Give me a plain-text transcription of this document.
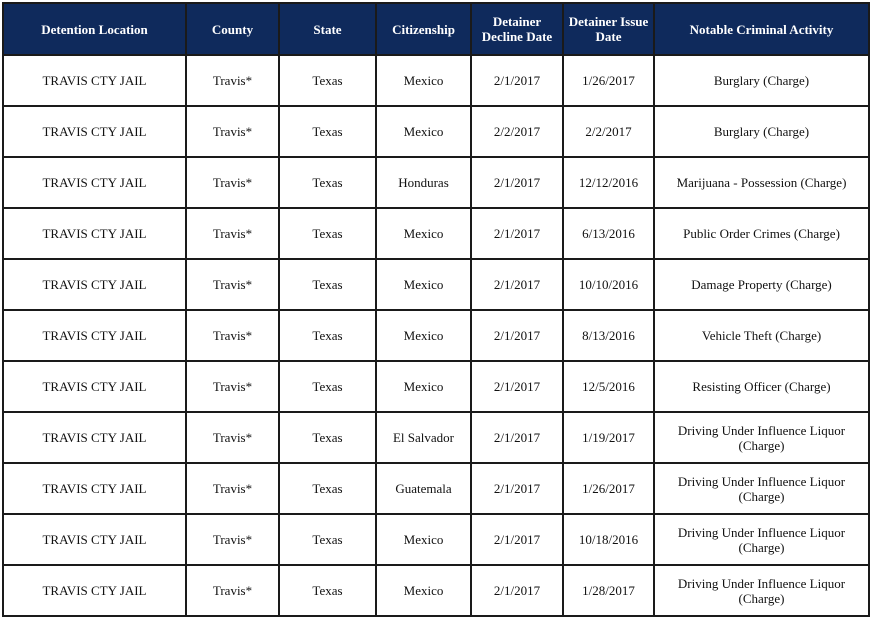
Detention Location	County	State	Citizenship	Detainer Decline Date	Detainer Issue Date	Notable Criminal Activity
TRAVIS CTY JAIL	Travis*	Texas	Mexico	2/1/2017	1/26/2017	Burglary (Charge)
TRAVIS CTY JAIL	Travis*	Texas	Mexico	2/2/2017	2/2/2017	Burglary (Charge)
TRAVIS CTY JAIL	Travis*	Texas	Honduras	2/1/2017	12/12/2016	Marijuana - Possession (Charge)
TRAVIS CTY JAIL	Travis*	Texas	Mexico	2/1/2017	6/13/2016	Public Order Crimes (Charge)
TRAVIS CTY JAIL	Travis*	Texas	Mexico	2/1/2017	10/10/2016	Damage Property (Charge)
TRAVIS CTY JAIL	Travis*	Texas	Mexico	2/1/2017	8/13/2016	Vehicle Theft (Charge)
TRAVIS CTY JAIL	Travis*	Texas	Mexico	2/1/2017	12/5/2016	Resisting Officer (Charge)
TRAVIS CTY JAIL	Travis*	Texas	El Salvador	2/1/2017	1/19/2017	Driving Under Influence Liquor (Charge)
TRAVIS CTY JAIL	Travis*	Texas	Guatemala	2/1/2017	1/26/2017	Driving Under Influence Liquor (Charge)
TRAVIS CTY JAIL	Travis*	Texas	Mexico	2/1/2017	10/18/2016	Driving Under Influence Liquor (Charge)
TRAVIS CTY JAIL	Travis*	Texas	Mexico	2/1/2017	1/28/2017	Driving Under Influence Liquor (Charge)
